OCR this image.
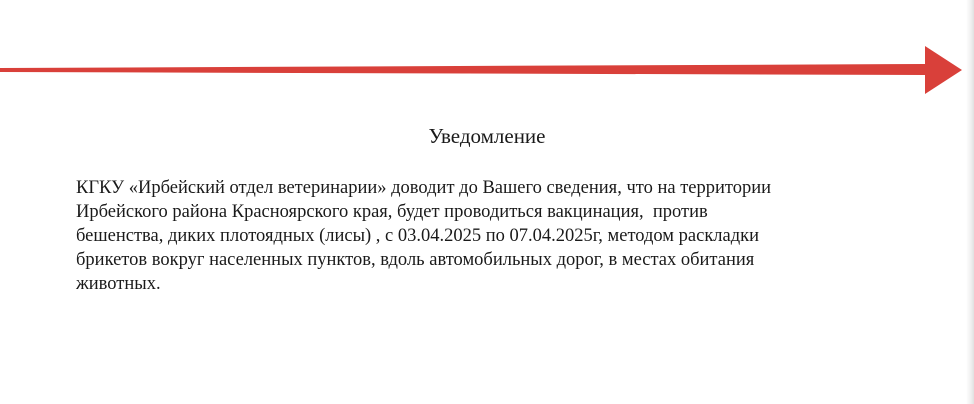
Уведомление
КГКУ «Ирбейский отдел ветеринарии» доводит до Вашего сведения, что на территории
Ирбейского района Красноярского края, будет проводиться вакцинация,  против
бешенства, диких плотоядных (лисы) , с 03.04.2025 по 07.04.2025г, методом раскладки
брикетов вокруг населенных пунктов, вдоль автомобильных дорог, в местах обитания
животных.
